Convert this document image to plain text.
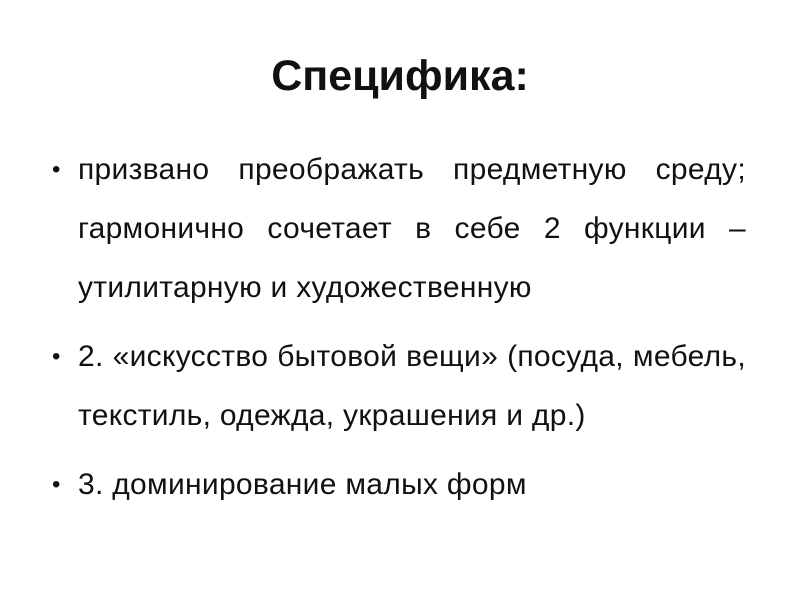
Специфика:
• призвано преображать предметную среду; гармонично сочетает в себе 2 функции – утилитарную и художественную
• 2. «искусство бытовой вещи» (посуда, мебель, текстиль, одежда, украшения и др.)
• 3. доминирование малых форм
